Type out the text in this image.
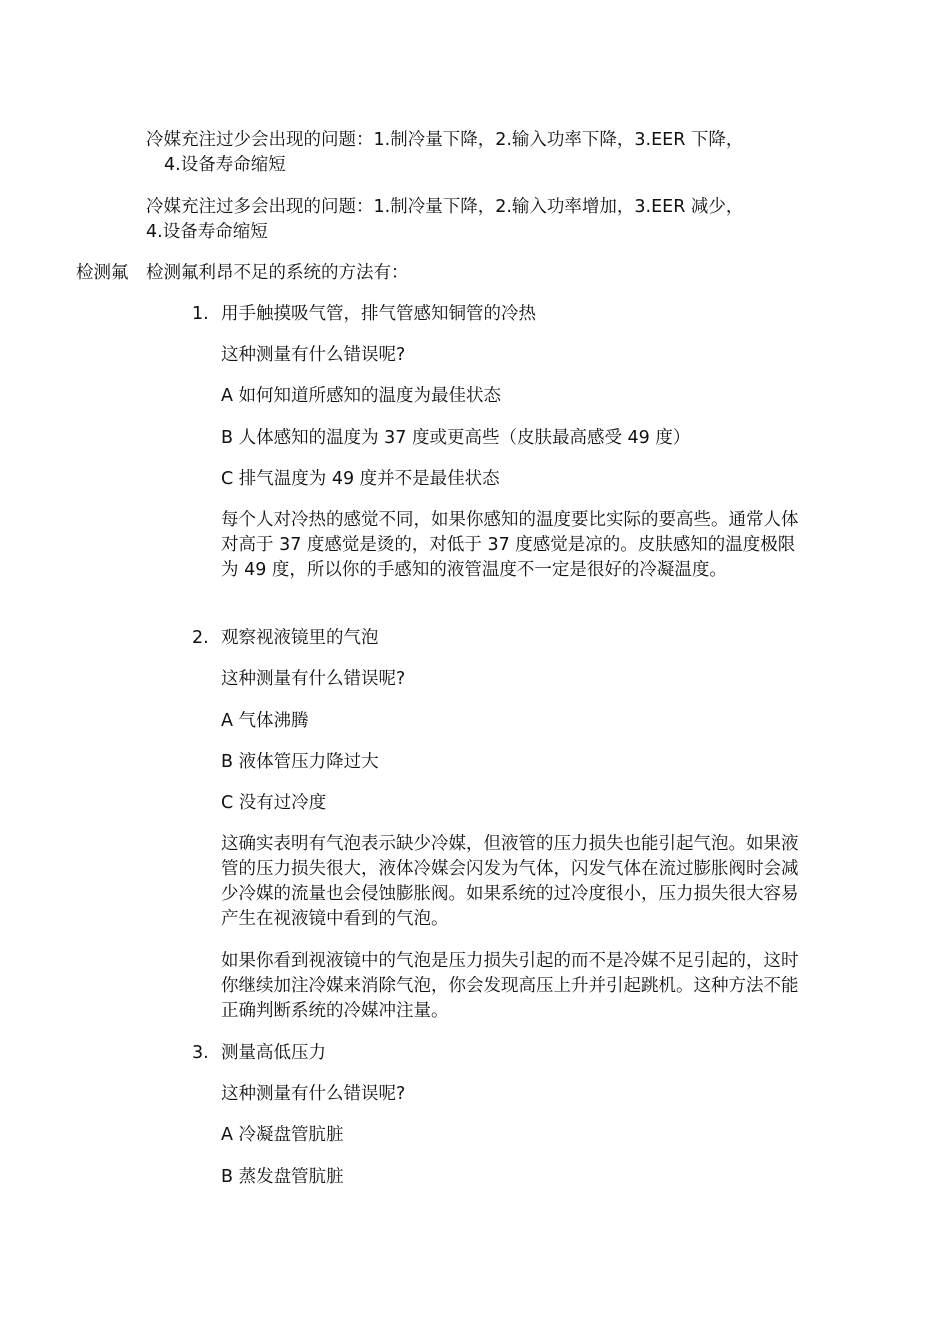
冷媒充注过少会出现的问题：1.制冷量下降，2.输入功率下降，3.EER 下降，
4.设备寿命缩短
冷媒充注过多会出现的问题：1.制冷量下降，2.输入功率增加，3.EER 减少，
4.设备寿命缩短
检测氟 检测氟利昂不足的系统的方法有：
1. 用手触摸吸气管，排气管感知铜管的冷热
这种测量有什么错误呢?
A 如何知道所感知的温度为最佳状态
B 人体感知的温度为 37 度或更高些（皮肤最高感受 49 度）
C 排气温度为 49 度并不是最佳状态
每个人对冷热的感觉不同，如果你感知的温度要比实际的要高些。通常人体对高于 37 度感觉是烫的，对低于 37 度感觉是凉的。皮肤感知的温度极限为 49 度，所以你的手感知的液管温度不一定是很好的冷凝温度。
2. 观察视液镜里的气泡
这种测量有什么错误呢?
A 气体沸腾
B 液体管压力降过大
C 没有过冷度
这确实表明有气泡表示缺少冷媒，但液管的压力损失也能引起气泡。如果液管的压力损失很大，液体冷媒会闪发为气体，闪发气体在流过膨胀阀时会减少冷媒的流量也会侵蚀膨胀阀。如果系统的过冷度很小，压力损失很大容易产生在视液镜中看到的气泡。
如果你看到视液镜中的气泡是压力损失引起的而不是冷媒不足引起的，这时你继续加注冷媒来消除气泡，你会发现高压上升并引起跳机。这种方法不能正确判断系统的冷媒冲注量。
3. 测量高低压力
这种测量有什么错误呢?
A 冷凝盘管肮脏
B 蒸发盘管肮脏
